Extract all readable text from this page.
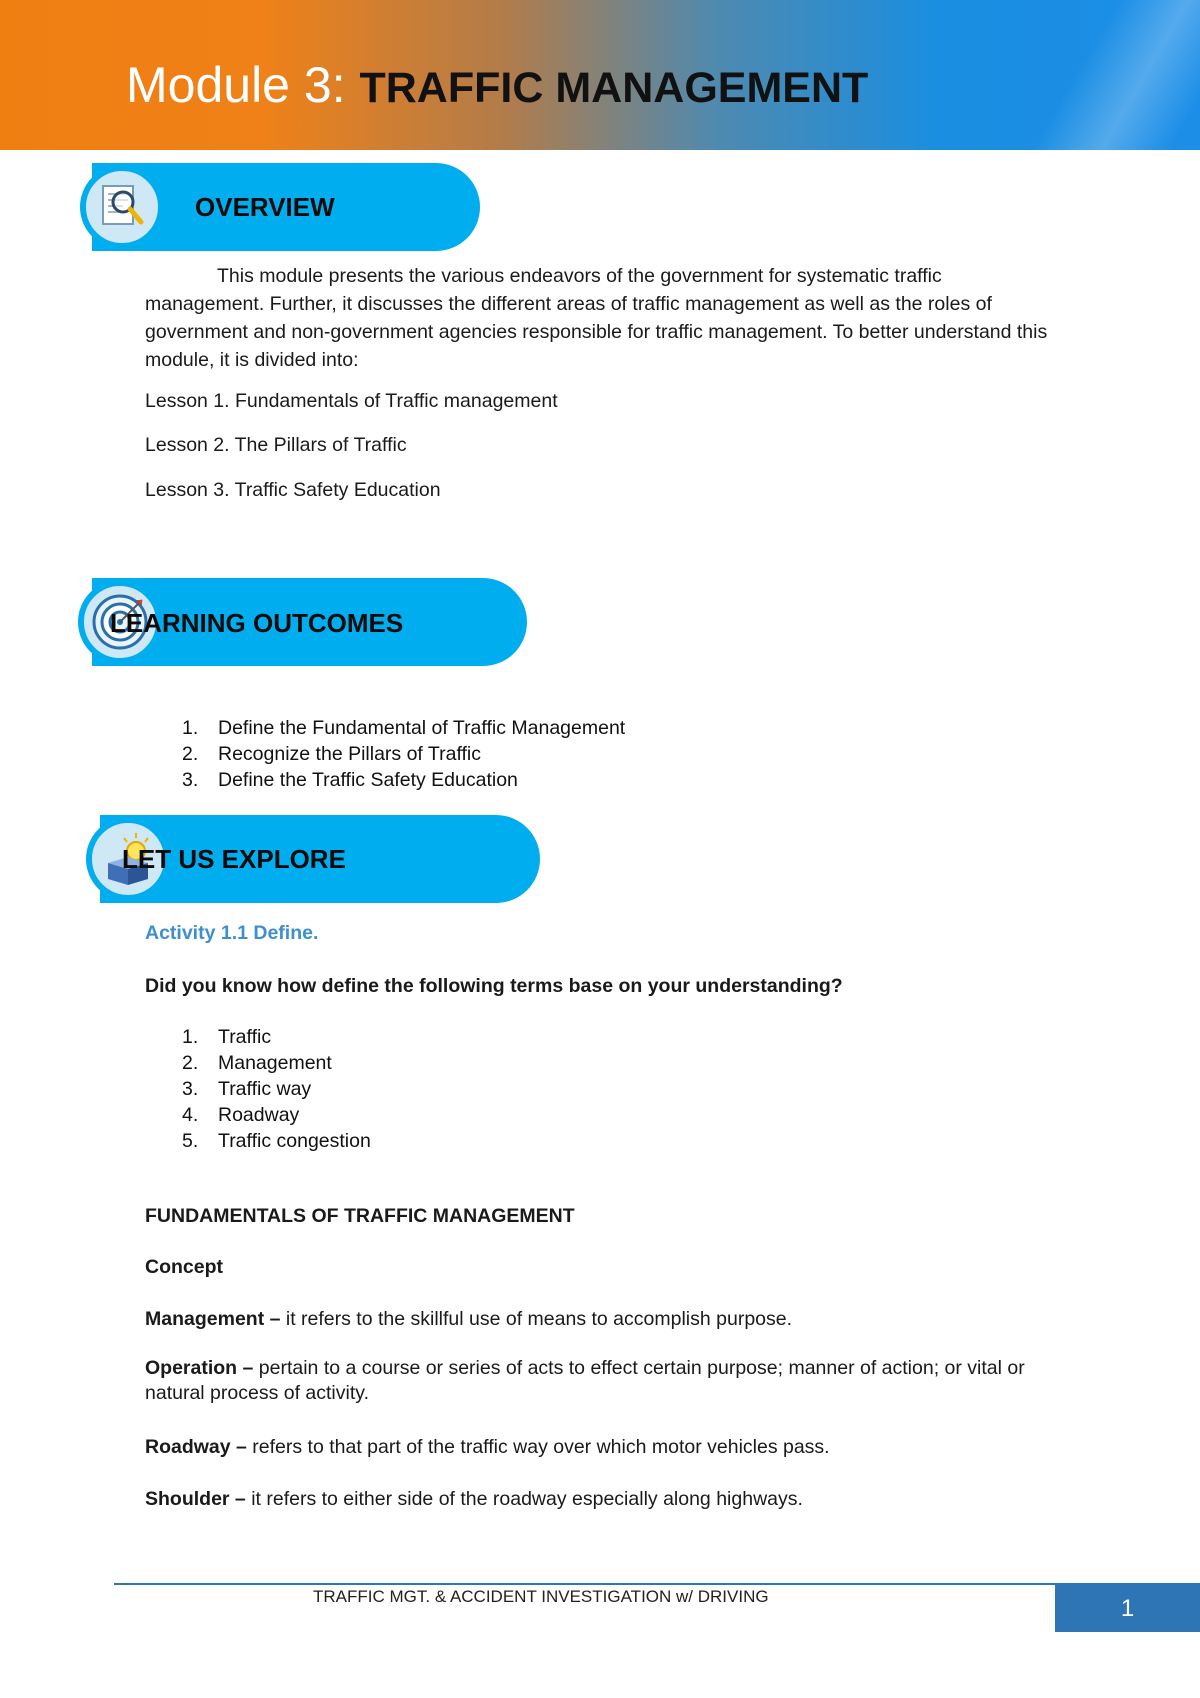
Module 3: TRAFFIC MANAGEMENT
OVERVIEW
This module presents the various endeavors of the government for systematic traffic management. Further, it discusses the different areas of traffic management as well as the roles of government and non-government agencies responsible for traffic management. To better understand this module, it is divided into:
Lesson 1. Fundamentals of Traffic management
Lesson 2. The Pillars of Traffic
Lesson 3. Traffic Safety Education
LEARNING OUTCOMES
1.	Define the Fundamental of Traffic Management
2.	Recognize the Pillars of Traffic
3.	Define the Traffic Safety Education
LET US EXPLORE
Activity 1.1 Define.
Did you know how define the following terms base on your understanding?
1.	Traffic
2.	Management
3.	Traffic way
4.	Roadway
5.	Traffic congestion
FUNDAMENTALS OF TRAFFIC MANAGEMENT
Concept
Management – it refers to the skillful use of means to accomplish purpose.
Operation – pertain to a course or series of acts to effect certain purpose; manner of action; or vital or natural process of activity.
Roadway – refers to that part of the traffic way over which motor vehicles pass.
Shoulder – it refers to either side of the roadway especially along highways.
TRAFFIC MGT. & ACCIDENT INVESTIGATION w/ DRIVING	1
